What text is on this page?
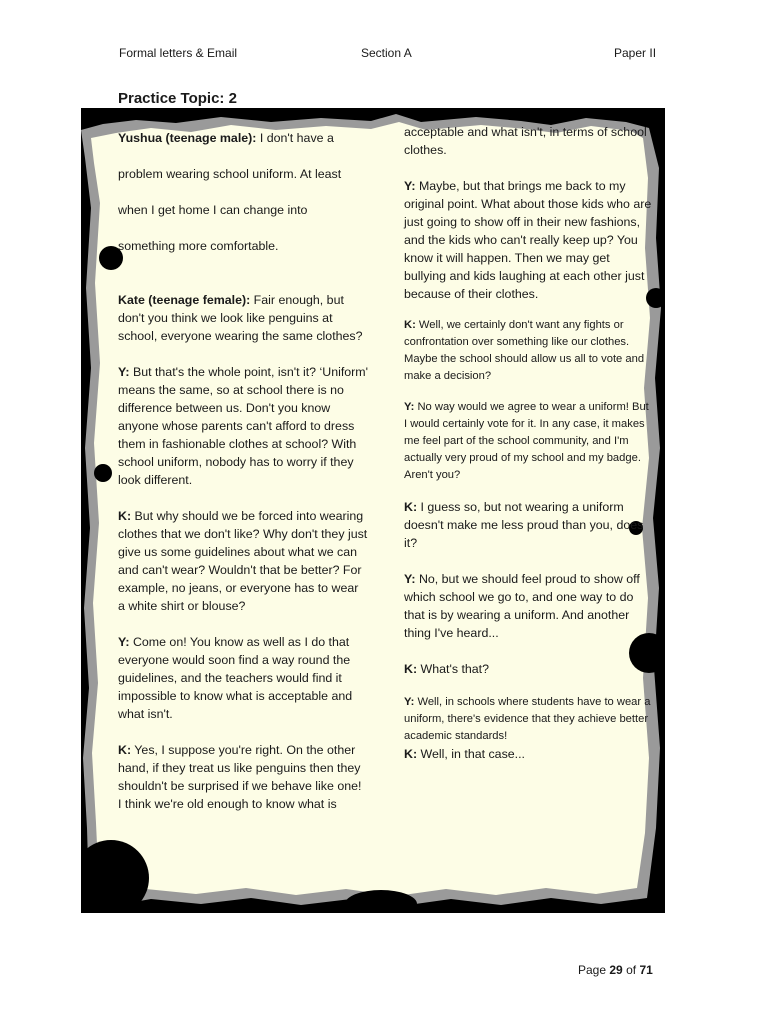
Formal letters & Email	Section A	Paper II
Practice Topic: 2

Yushua (teenage male): I don't have a

problem wearing school uniform. At least

when I get home I can change into

something more comfortable.

Kate (teenage female): Fair enough, but don't you think we look like penguins at school, everyone wearing the same clothes?

Y: But that's the whole point, isn't it? ‘Uniform' means the same, so at school there is no difference between us. Don't you know anyone whose parents can't afford to dress them in fashionable clothes at school? With school uniform, nobody has to worry if they look different.

K: But why should we be forced into wearing clothes that we don't like? Why don't they just give us some guidelines about what we can and can't wear? Wouldn't that be better? For example, no jeans, or everyone has to wear a white shirt or blouse?

Y: Come on! You know as well as I do that everyone would soon find a way round the guidelines, and the teachers would find it impossible to know what is acceptable and what isn't.

K: Yes, I suppose you're right. On the other hand, if they treat us like penguins then they shouldn't be surprised if we behave like one! I think we're old enough to know what is

acceptable and what isn't, in terms of school clothes.

Y: Maybe, but that brings me back to my original point. What about those kids who are just going to show off in their new fashions, and the kids who can't really keep up? You know it will happen. Then we may get bullying and kids laughing at each other just because of their clothes.

K: Well, we certainly don't want any fights or confrontation over something like our clothes. Maybe the school should allow us all to vote and make a decision?

Y: No way would we agree to wear a uniform! But I would certainly vote for it. In any case, it makes me feel part of the school community, and I'm actually very proud of my school and my badge. Aren't you?

K: I guess so, but not wearing a uniform doesn't make me less proud than you, does it?

Y: No, but we should feel proud to show off which school we go to, and one way to do that is by wearing a uniform. And another thing I've heard...

K: What's that?

Y: Well, in schools where students have to wear a uniform, there's evidence that they achieve better academic standards!

K: Well, in that case...

Page 29 of 71
